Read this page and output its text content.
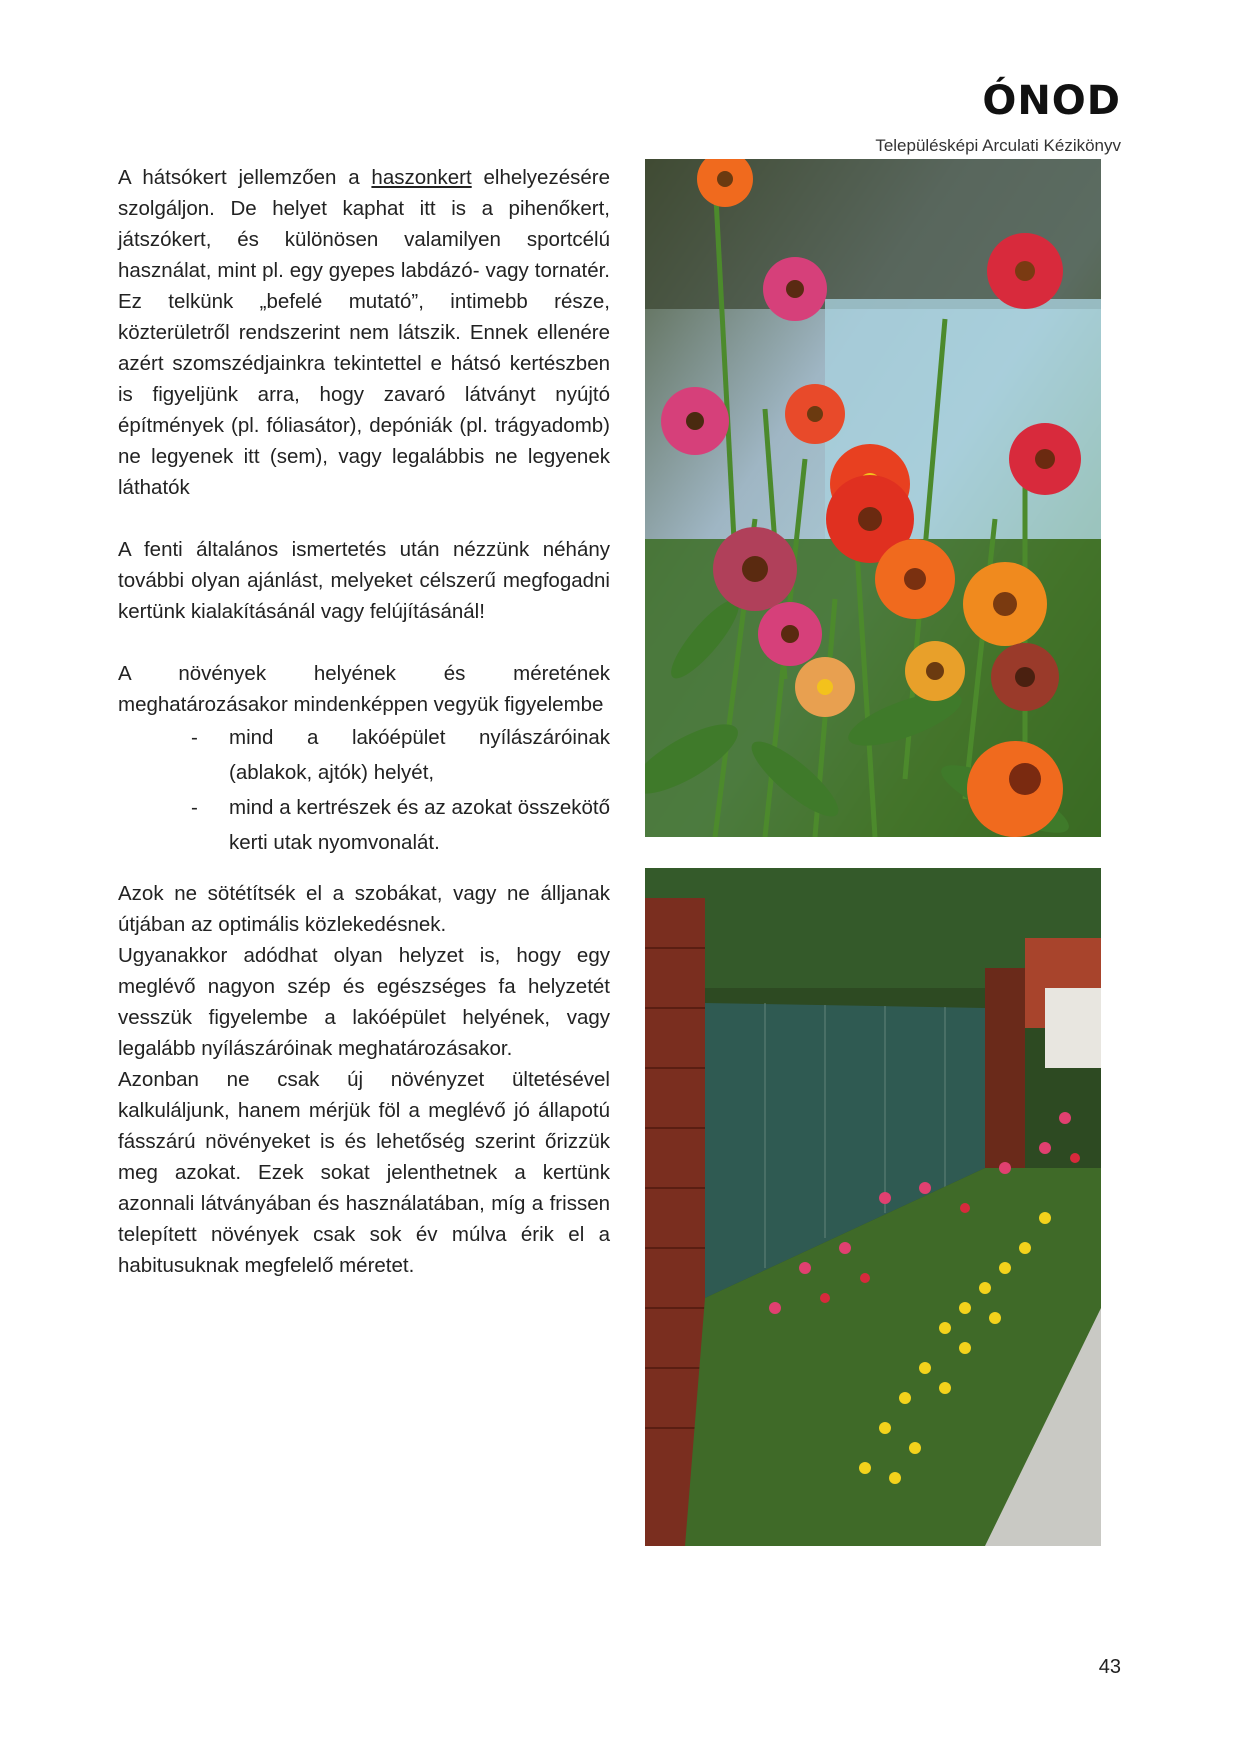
ÓNOD
Településképi Arculati Kézikönyv

A hátsókert jellemzően a haszonkert elhelyezésére szolgáljon. De helyet kaphat itt is a pihenőkert, játszókert, és különösen valamilyen sportcélú használat, mint pl. egy gyepes labdázó- vagy tornatér. Ez telkünk „befelé mutató”, intimebb része, közterületről rendszerint nem látszik. Ennek ellenére azért szomszédjainkra tekintettel e hátsó kertészben is figyeljünk arra, hogy zavaró látványt nyújtó építmények (pl. fóliasátor), depóniák (pl. trágyadomb) ne legyenek itt (sem), vagy legalábbis ne legyenek láthatók

A fenti általános ismertetés után nézzünk néhány további olyan ajánlást, melyeket célszerű megfogadni kertünk kialakításánál vagy felújításánál!

A növények helyének és méretének meghatározásakor mindenképpen vegyük figyelembe

- mind a lakóépület nyílászáróinak (ablakok, ajtók) helyét,
- mind a kertrészek és az azokat összekötő kerti utak nyomvonalát.

Azok ne sötétítsék el a szobákat, vagy ne álljanak útjában az optimális közlekedésnek.

Ugyanakkor adódhat olyan helyzet is, hogy egy meglévő nagyon szép és egészséges fa helyzetét vesszük figyelembe a lakóépület helyének, vagy legalább nyílászáróinak meghatározásakor.

Azonban ne csak új növényzet ültetésével kalkuláljunk, hanem mérjük föl a meglévő jó állapotú fásszárú növényeket is és lehetőség szerint őrizzük meg azokat. Ezek sokat jelenthetnek a kertünk azonnali látványában és használatában, míg a frissen telepített növények csak sok év múlva érik el a habitusuknak megfelelő méretet.

43
